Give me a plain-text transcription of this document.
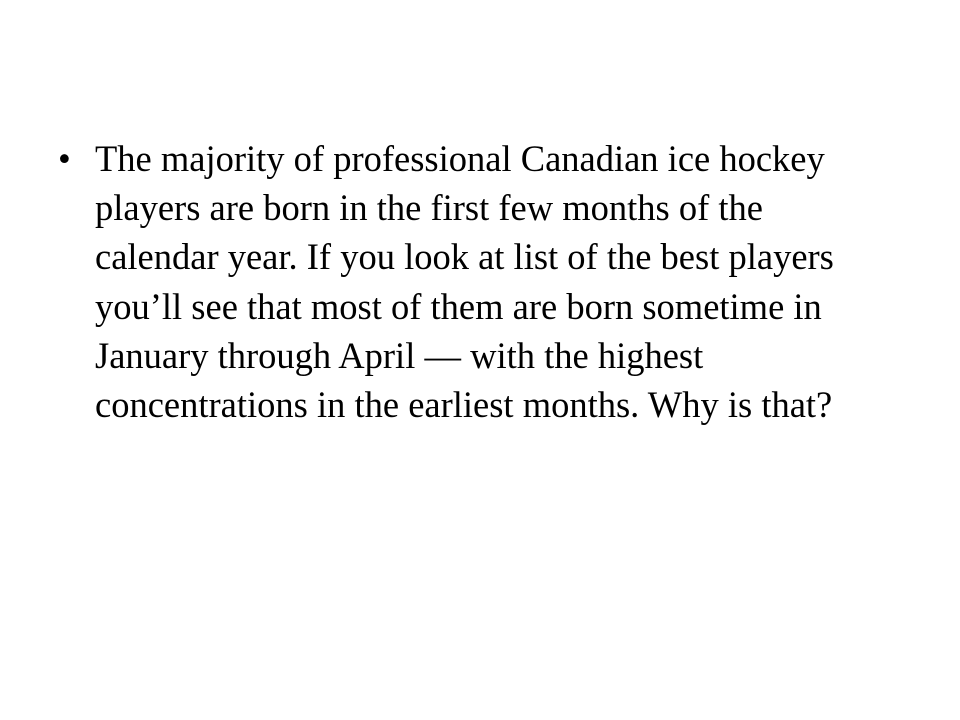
• The majority of professional Canadian ice hockey players are born in the first few months of the calendar year. If you look at list of the best players you’ll see that most of them are born sometime in January through April — with the highest concentrations in the earliest months. Why is that?
